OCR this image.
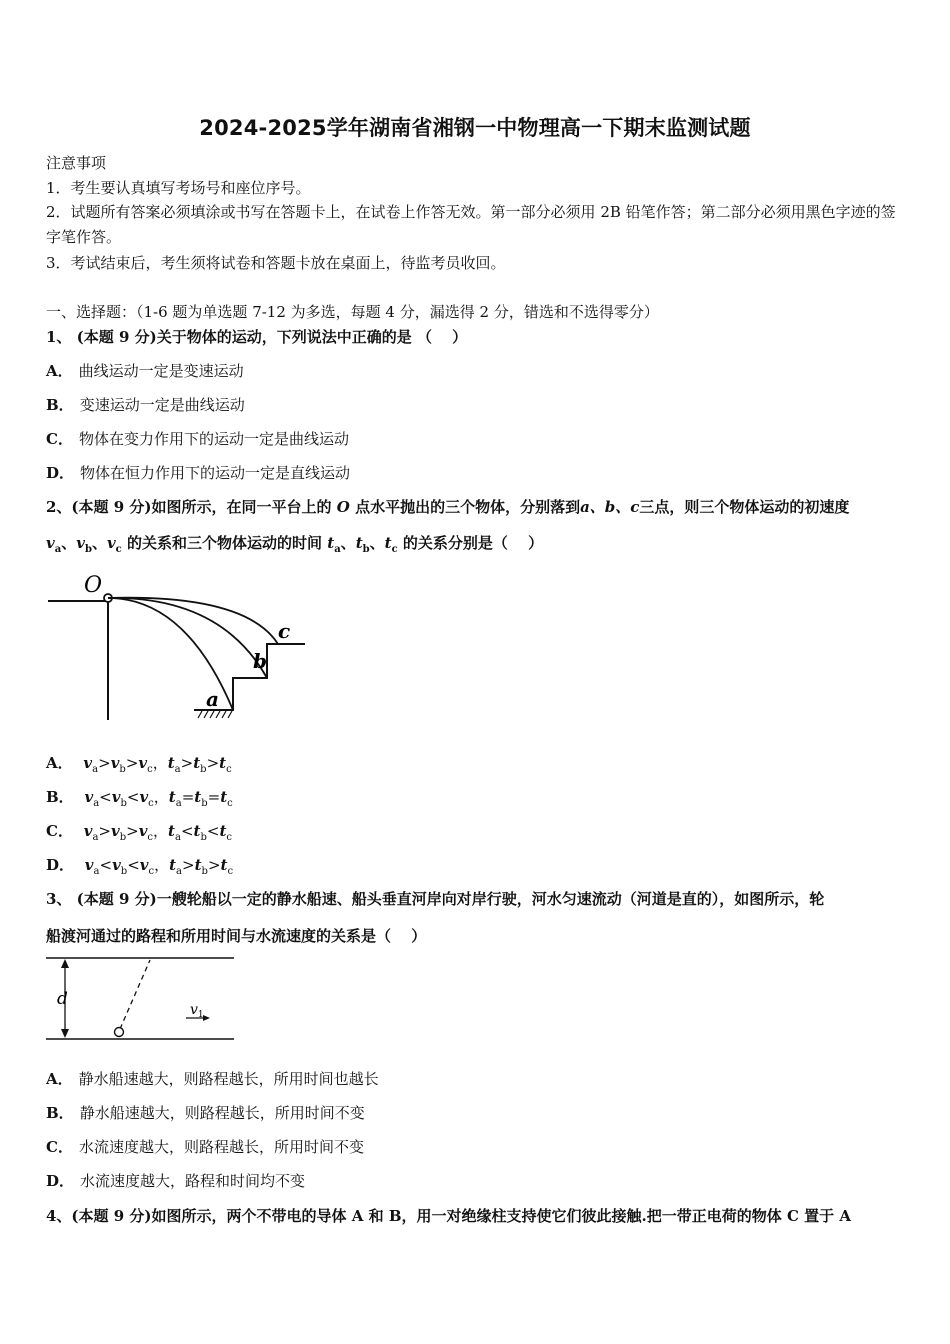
2024-2025学年湖南省湘钢一中物理高一下期末监测试题
注意事项
1．考生要认真填写考场号和座位序号。
2．试题所有答案必须填涂或书写在答题卡上，在试卷上作答无效。第一部分必须用 2B 铅笔作答；第二部分必须用黑色字迹的签字笔作答。
3．考试结束后，考生须将试卷和答题卡放在桌面上，待监考员收回。
一、选择题：（1-6 题为单选题 7-12 为多选，每题 4 分，漏选得 2 分，错选和不选得零分）
1、 (本题 9 分)关于物体的运动，下列说法中正确的是 （　 ）
A． 曲线运动一定是变速运动
B． 变速运动一定是曲线运动
C． 物体在变力作用下的运动一定是曲线运动
D． 物体在恒力作用下的运动一定是直线运动
2、(本题 9 分)如图所示，在同一平台上的 O 点水平抛出的三个物体，分别落到a、b、c三点，则三个物体运动的初速度
$v_a$、$v_b$、$v_c$ 的关系和三个物体运动的时间 $t_a$、$t_b$、$t_c$ 的关系分别是（　 ）
O
a
b
c
A． $v_a>v_b>v_c$，$t_a>t_b>t_c$
B． $v_a<v_b<v_c$，$t_a=t_b=t_c$
C． $v_a>v_b>v_c$，$t_a<t_b<t_c$
D． $v_a<v_b<v_c$，$t_a>t_b>t_c$
3、 (本题 9 分)一艘轮船以一定的静水船速、船头垂直河岸向对岸行驶，河水匀速流动（河道是直的），如图所示，轮
船渡河通过的路程和所用时间与水流速度的关系是（　 ）
d
$v_1$
A． 静水船速越大，则路程越长，所用时间也越长
B． 静水船速越大，则路程越长，所用时间不变
C． 水流速度越大，则路程越长，所用时间不变
D． 水流速度越大，路程和时间均不变
4、(本题 9 分)如图所示，两个不带电的导体 A 和 B，用一对绝缘柱支持使它们彼此接触.把一带正电荷的物体 C 置于 A
